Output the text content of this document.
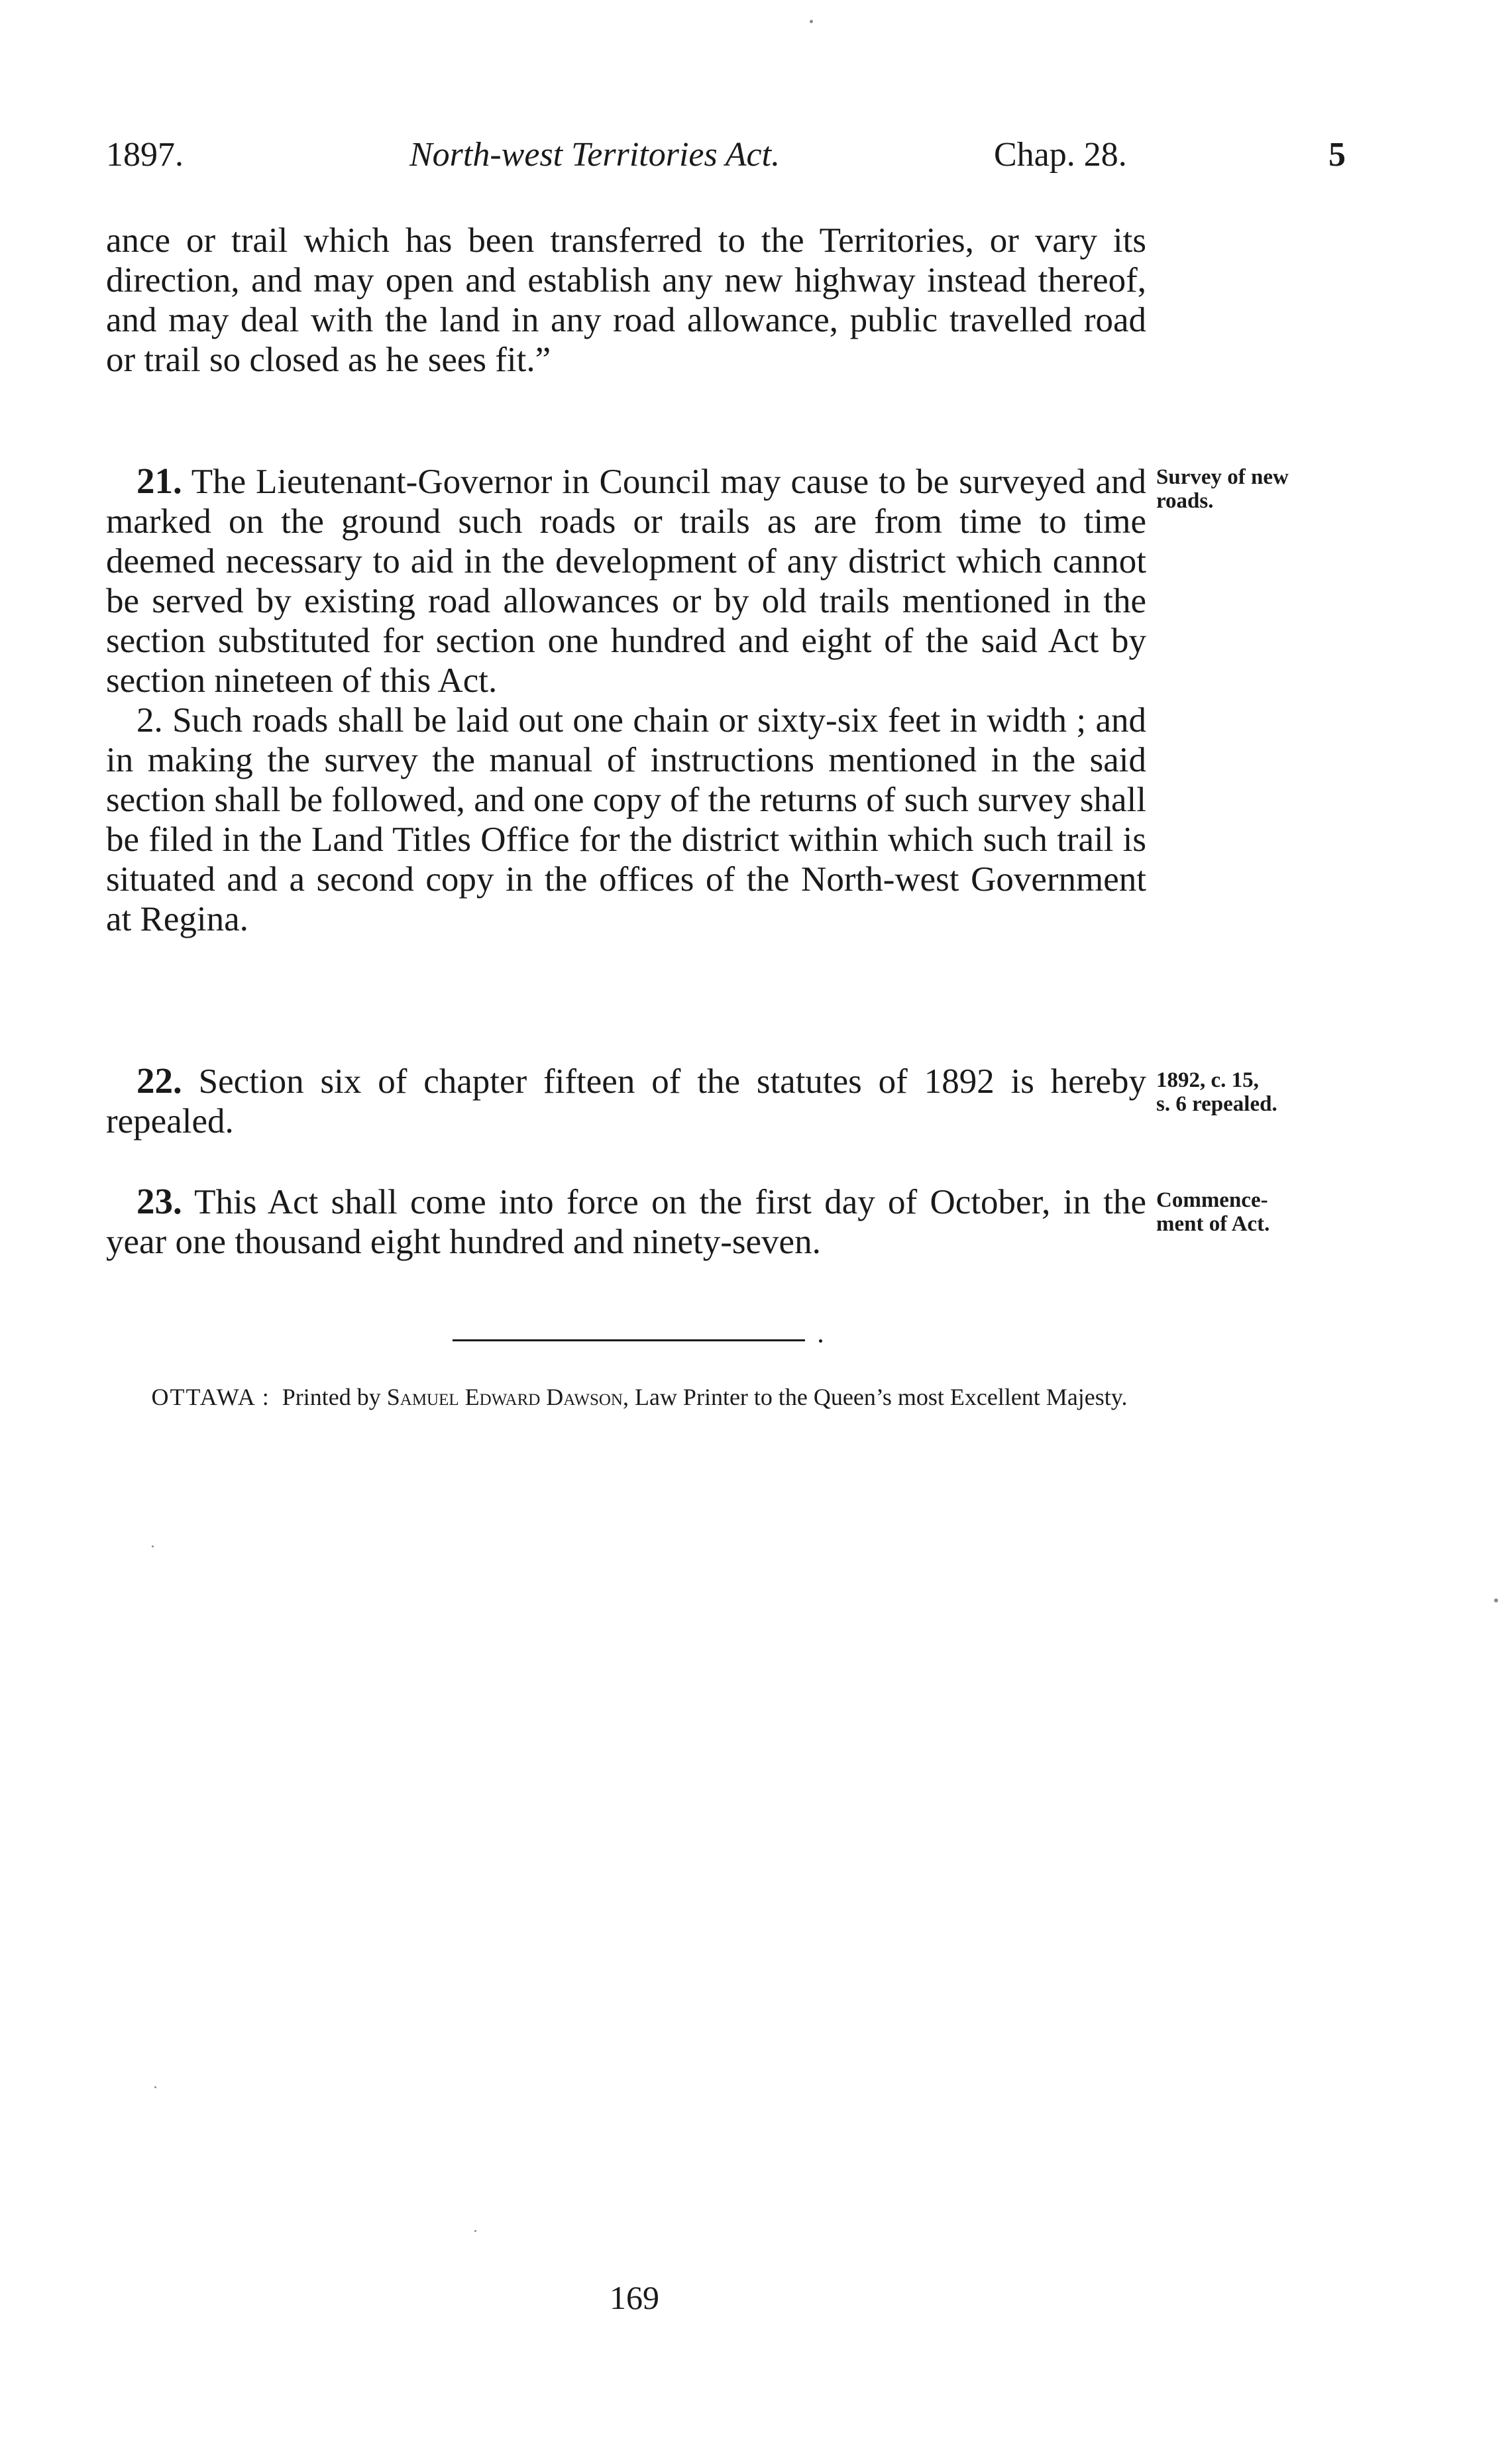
1897.	North-west Territories Act.	Chap. 28.	5

ance or trail which has been transferred to the Territories, or vary its direction, and may open and establish any new highway instead thereof, and may deal with the land in any road allowance, public travelled road or trail so closed as he sees fit.”

21. The Lieutenant-Governor in Council may cause to be surveyed and marked on the ground such roads or trails as are from time to time deemed necessary to aid in the development of any district which cannot be served by existing road allowances or by old trails mentioned in the section substituted for section one hundred and eight of the said Act by section nineteen of this Act.

2. Such roads shall be laid out one chain or sixty-six feet in width ; and in making the survey the manual of instructions mentioned in the said section shall be followed, and one copy of the returns of such survey shall be filed in the Land Titles Office for the district within which such trail is situated and a second copy in the offices of the North-west Government at Regina.

Survey of new
roads.

22. Section six of chapter fifteen of the statutes of 1892 is hereby repealed.

1892, c. 15,
s. 6 repealed.

23. This Act shall come into force on the first day of October, in the year one thousand eight hundred and ninety-seven.

Commence-
ment of Act.
OTTAWA : Printed by Samuel Edward Dawson, Law Printer to the Queen’s most Excellent Majesty.
169
